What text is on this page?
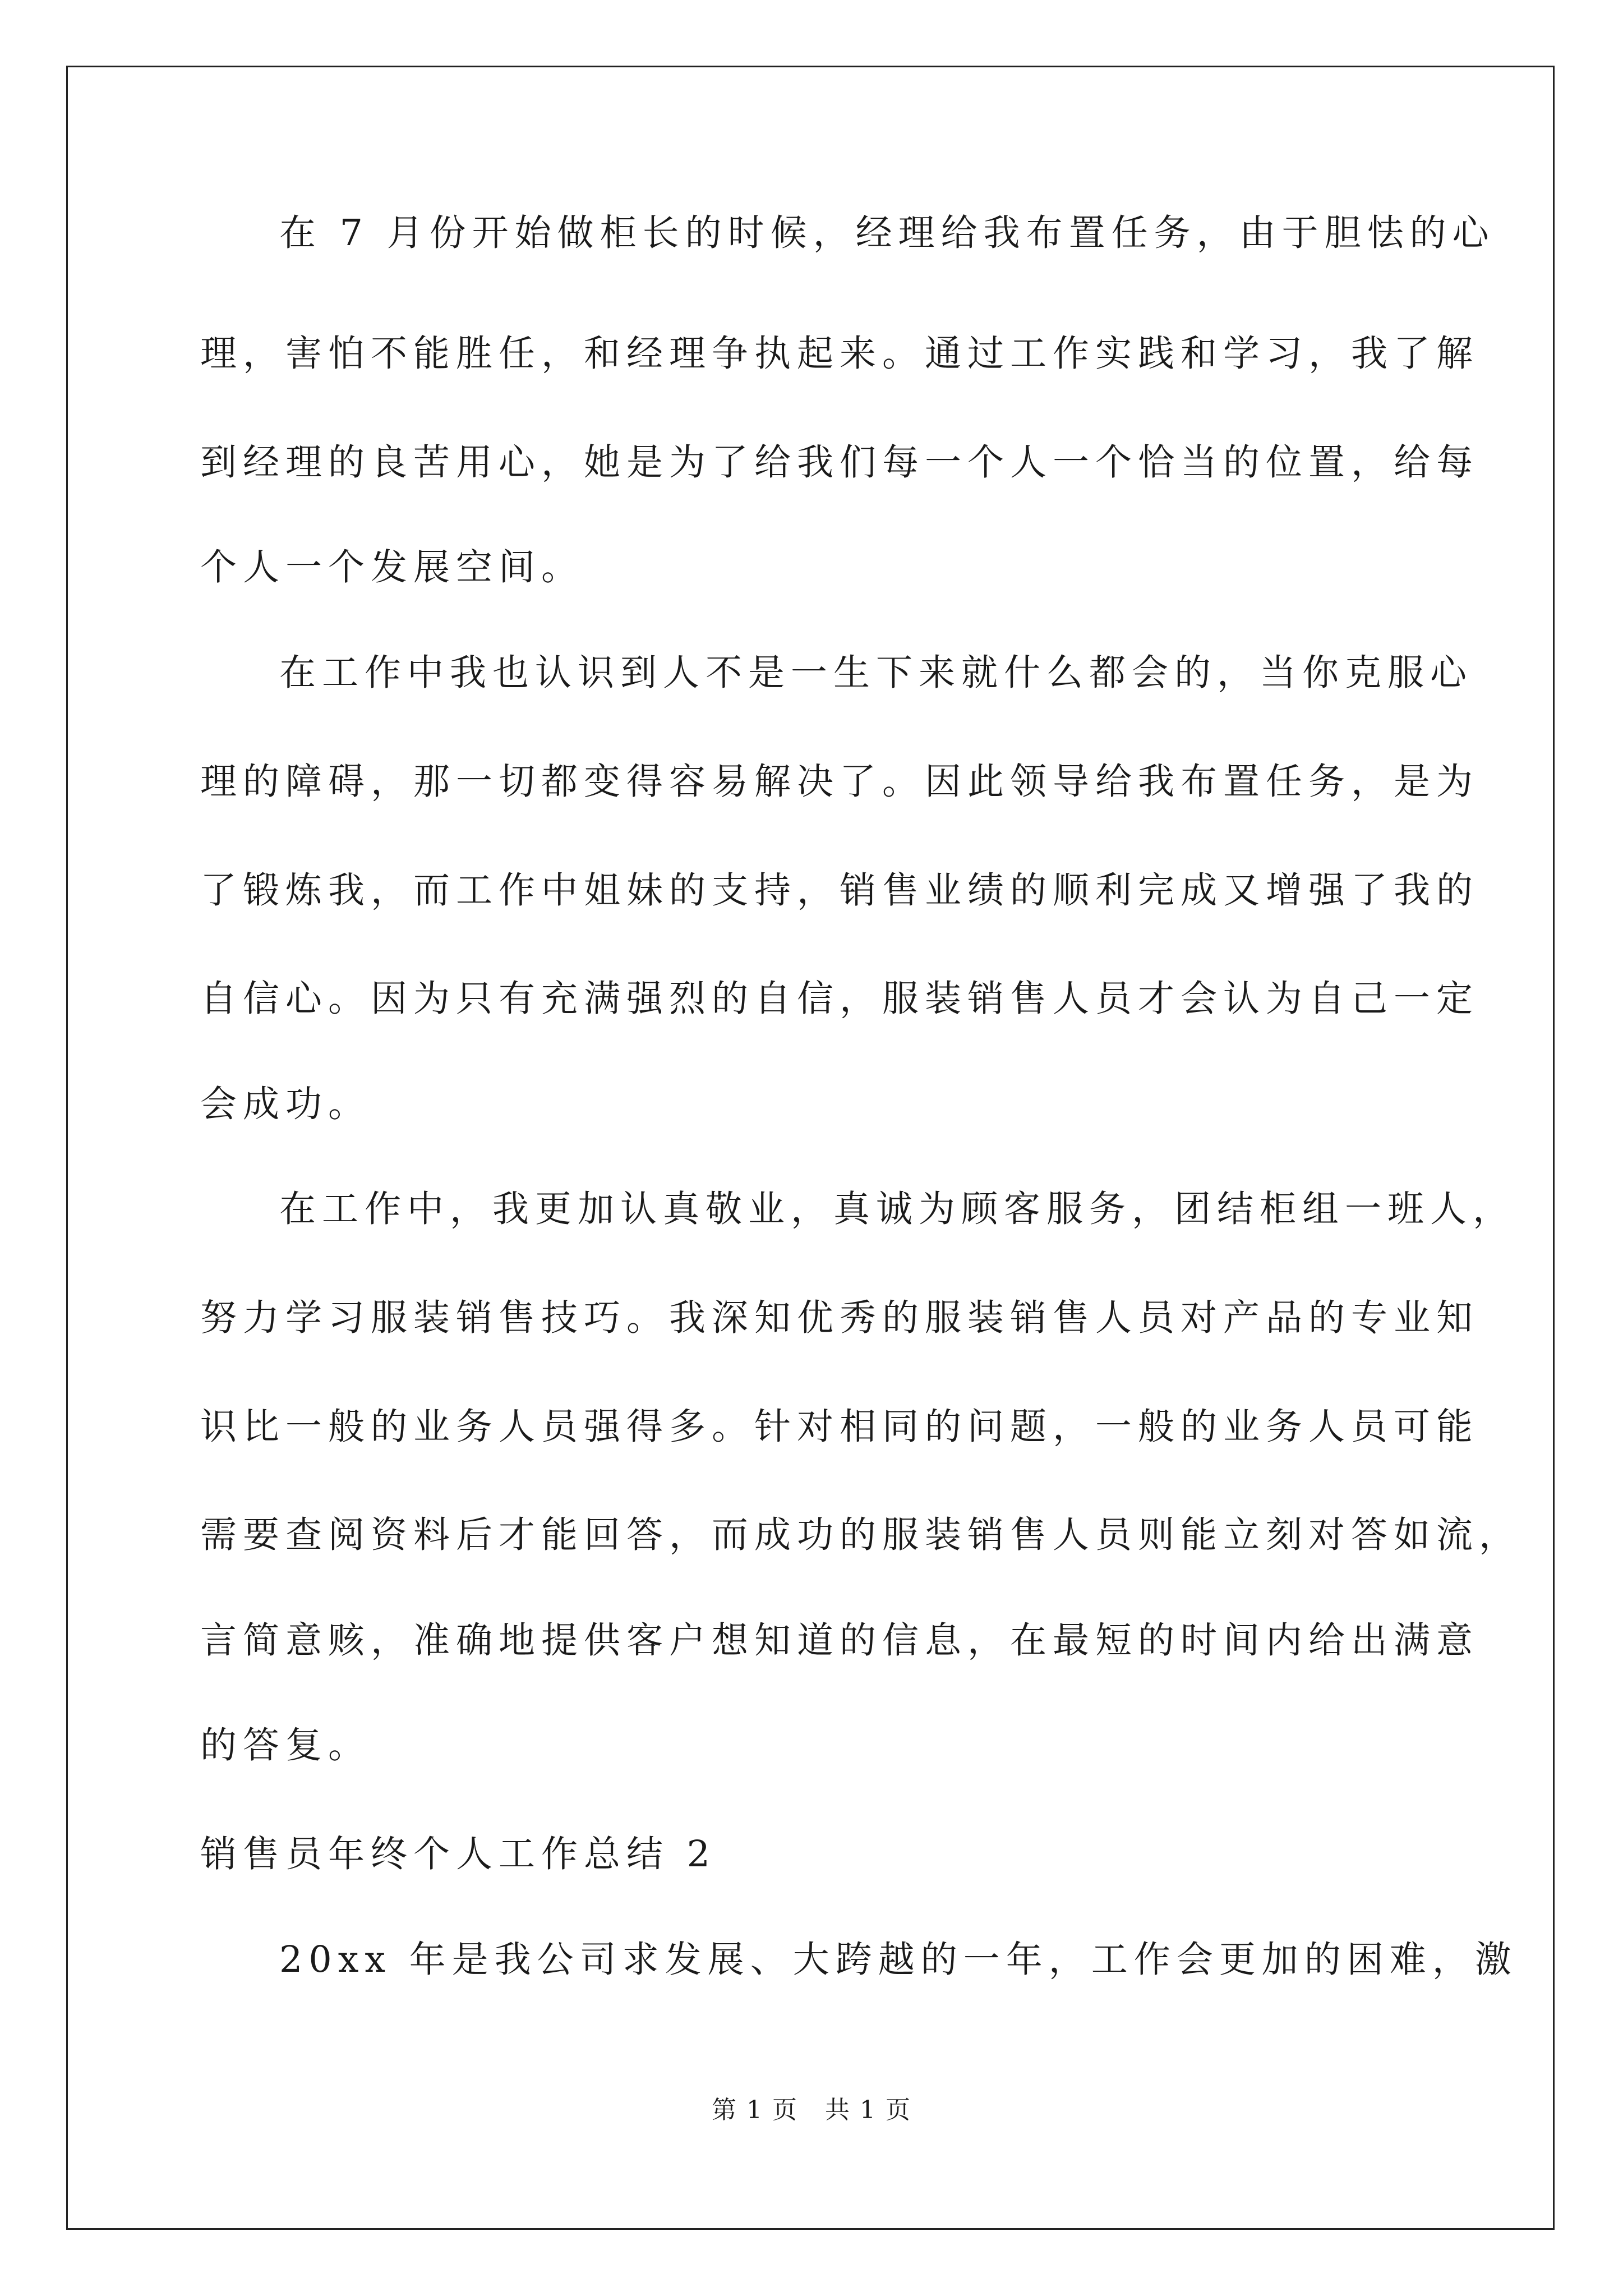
在 7 月份开始做柜长的时候，经理给我布置任务，由于胆怯的心
理，害怕不能胜任，和经理争执起来。通过工作实践和学习，我了解
到经理的良苦用心，她是为了给我们每一个人一个恰当的位置，给每
个人一个发展空间。
在工作中我也认识到人不是一生下来就什么都会的，当你克服心
理的障碍，那一切都变得容易解决了。因此领导给我布置任务，是为
了锻炼我，而工作中姐妹的支持，销售业绩的顺利完成又增强了我的
自信心。因为只有充满强烈的自信，服装销售人员才会认为自己一定
会成功。
在工作中，我更加认真敬业，真诚为顾客服务，团结柜组一班人，
努力学习服装销售技巧。我深知优秀的服装销售人员对产品的专业知
识比一般的业务人员强得多。针对相同的问题，一般的业务人员可能
需要查阅资料后才能回答，而成功的服装销售人员则能立刻对答如流，
言简意赅，准确地提供客户想知道的信息，在最短的时间内给出满意
的答复。
销售员年终个人工作总结 2
20xx 年是我公司求发展、大跨越的一年，工作会更加的困难，激
第 1 页   共 1 页
